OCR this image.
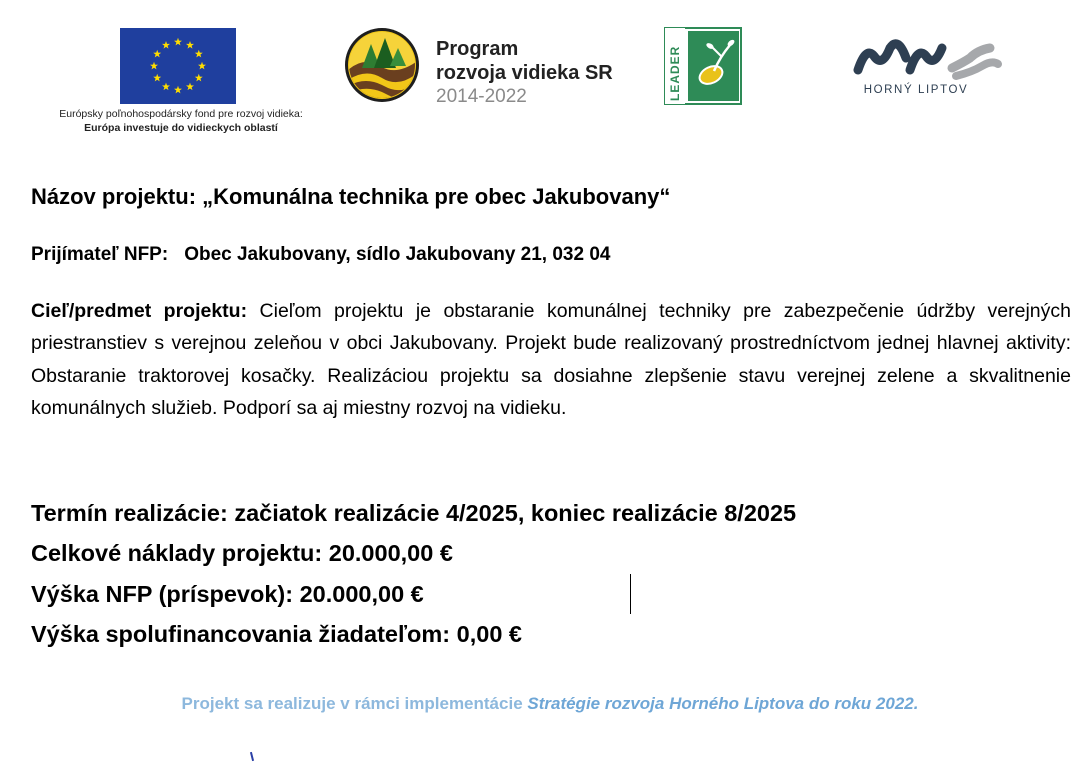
Európsky poľnohospodársky fond pre rozvoj vidieka:
Európa investuje do vidieckych oblastí
Program
rozvoja vidieka SR
2014-2022	LEADER	HORNÝ LIPTOV
Názov projektu: „Komunálna technika pre obec Jakubovany“
Prijímateľ NFP: Obec Jakubovany, sídlo Jakubovany 21, 032 04
Cieľ/predmet projektu: Cieľom projektu je obstaranie komunálnej techniky pre zabezpečenie údržby verejných priestranstiev s verejnou zeleňou v obci Jakubovany. Projekt bude realizovaný prostredníctvom jednej hlavnej aktivity: Obstaranie traktorovej kosačky. Realizáciou projektu sa dosiahne zlepšenie stavu verejnej zelene a skvalitnenie komunálnych služieb. Podporí sa aj miestny rozvoj na vidieku.
Termín realizácie: začiatok realizácie 4/2025, koniec realizácie 8/2025
Celkové náklady projektu: 20.000,00 €
Výška NFP (príspevok): 20.000,00 €
Výška spolufinancovania žiadateľom: 0,00 €
Projekt sa realizuje v rámci implementácie Stratégie rozvoja Horného Liptova do roku 2022.
